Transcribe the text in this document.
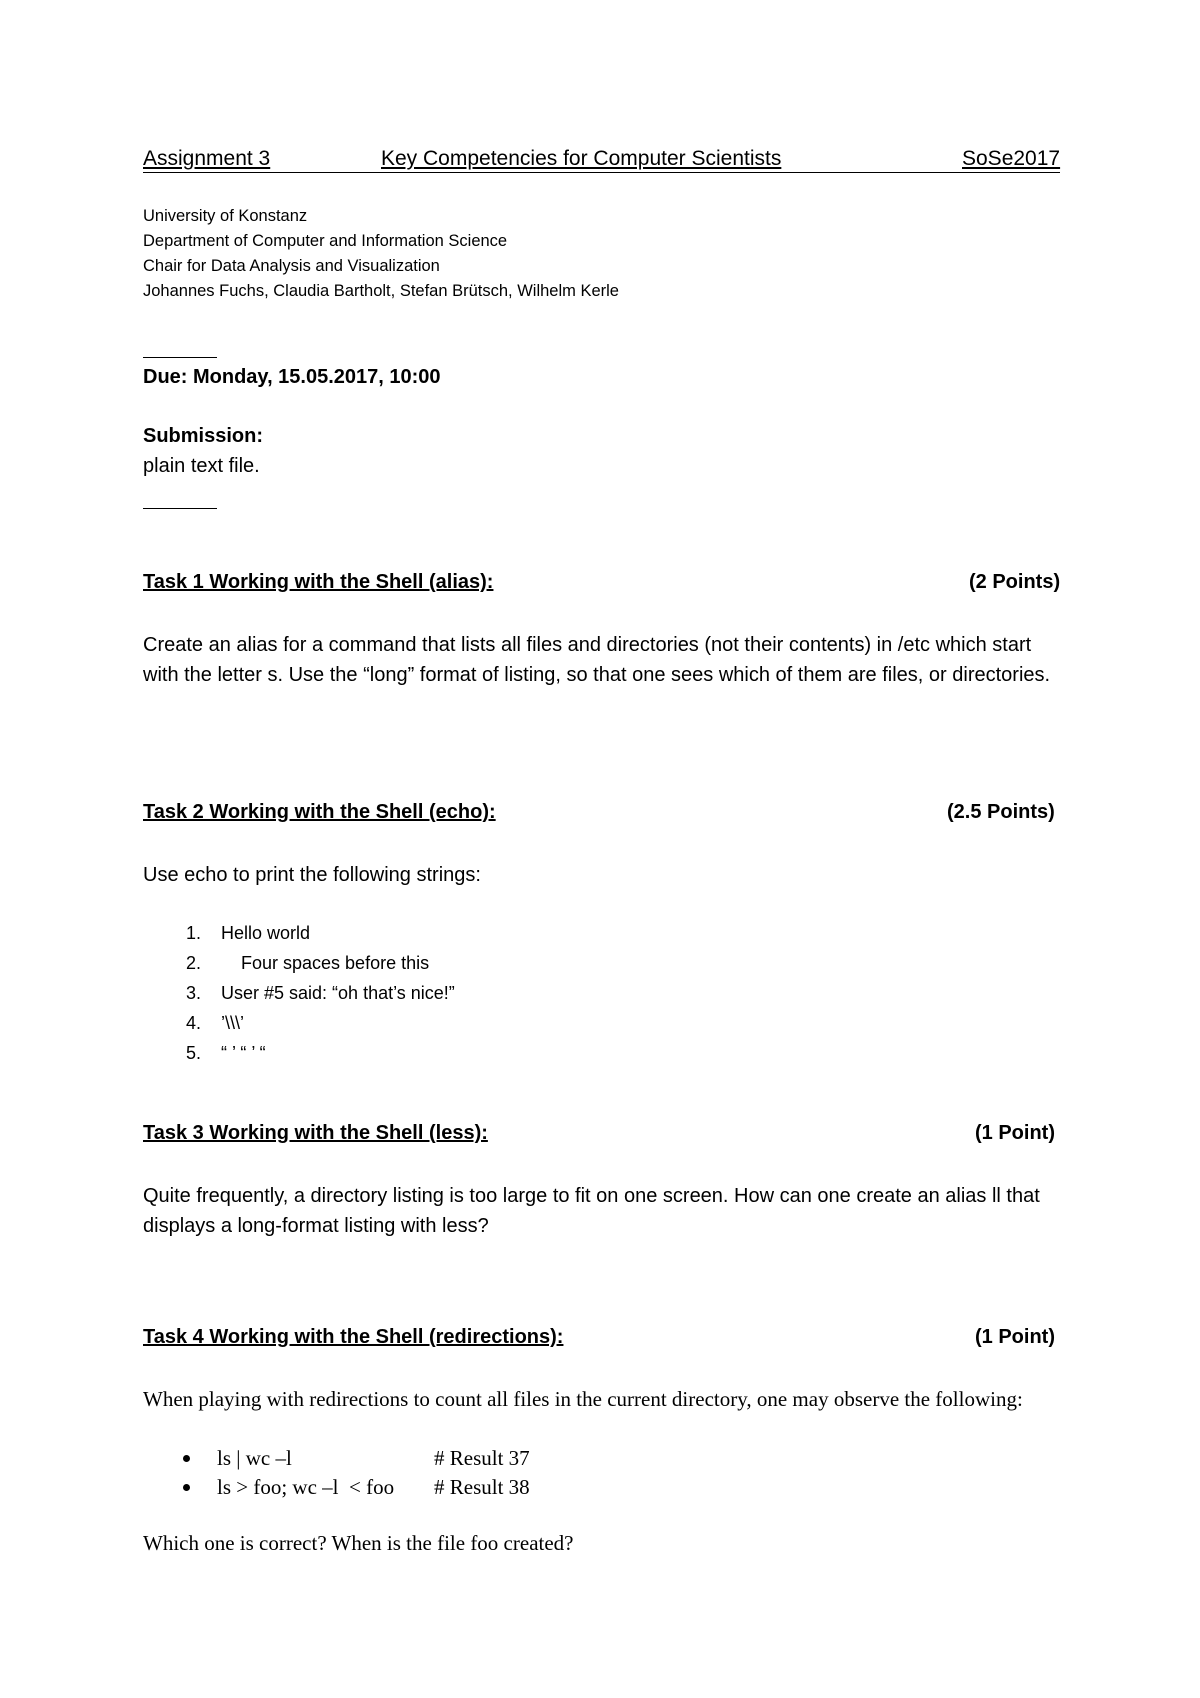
Assignment 3	Key Competencies for Computer Scientists	SoSe2017
University of Konstanz
Department of Computer and Information Science
Chair for Data Analysis and Visualization
Johannes Fuchs, Claudia Bartholt, Stefan Brütsch, Wilhelm Kerle
Due: Monday, 15.05.2017, 10:00
Submission:
plain text file.
Task 1 Working with the Shell (alias):	(2 Points)
Create an alias for a command that lists all files and directories (not their contents) in /etc which start with the letter s. Use the “long” format of listing, so that one sees which of them are files, or directories.
Task 2 Working with the Shell (echo):	(2.5 Points)
Use echo to print the following strings:
1. Hello world
2. Four spaces before this
3. User #5 said: “oh that’s nice!”
4. ’\\\’
5. “ ’ “ ’ “
Task 3 Working with the Shell (less):	(1 Point)
Quite frequently, a directory listing is too large to fit on one screen. How can one create an alias ll that displays a long-format listing with less?
Task 4 Working with the Shell (redirections):	(1 Point)
When playing with redirections to count all files in the current directory, one may observe the following:
ls | wc –l	# Result 37
ls > foo; wc –l  < foo # Result 38
Which one is correct? When is the file foo created?
